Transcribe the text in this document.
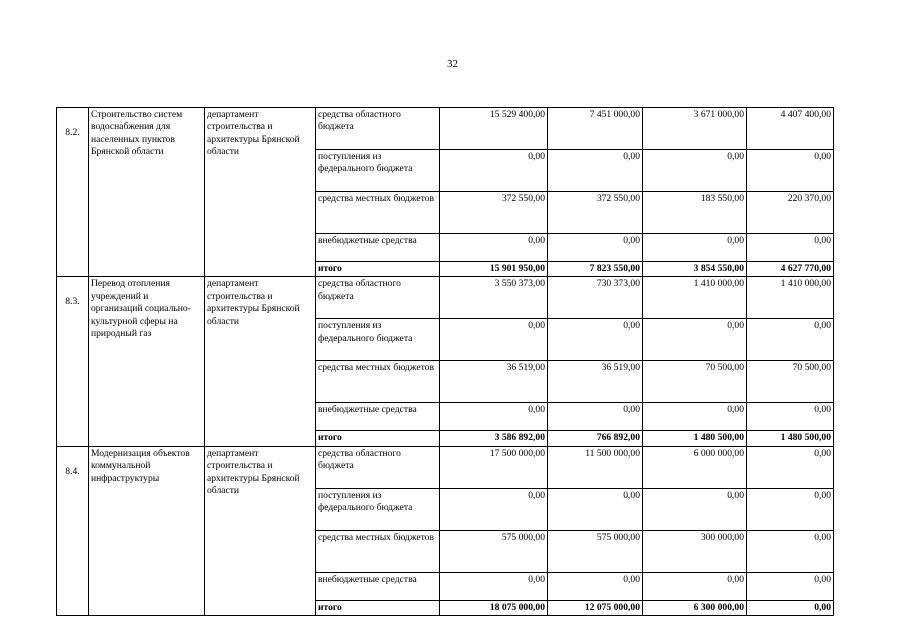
32
8.2.	Строительство систем водоснабжения для населенных пунктов Брянской области	департамент строительства и архитектуры Брянской области	средства областного бюджета	15 529 400,00	7 451 000,00	3 671 000,00	4 407 400,00
			поступления из федерального бюджета	0,00	0,00	0,00	0,00
			средства местных бюджетов	372 550,00	372 550,00	183 550,00	220 370,00
			внебюджетные средства	0,00	0,00	0,00	0,00
			итого	15 901 950,00	7 823 550,00	3 854 550,00	4 627 770,00

8.3.	Перевод отопления учреждений и организаций социально-культурной сферы на природный газ	департамент строительства и архитектуры Брянской области	средства областного бюджета	3 550 373,00	730 373,00	1 410 000,00	1 410 000,00
			поступления из федерального бюджета	0,00	0,00	0,00	0,00
			средства местных бюджетов	36 519,00	36 519,00	70 500,00	70 500,00
			внебюджетные средства	0,00	0,00	0,00	0,00
			итого	3 586 892,00	766 892,00	1 480 500,00	1 480 500,00

8.4.	Модернизация объектов коммунальной инфраструктуры	департамент строительства и архитектуры Брянской области	средства областного бюджета	17 500 000,00	11 500 000,00	6 000 000,00	0,00
			поступления из федерального бюджета	0,00	0,00	0,00	0,00
			средства местных бюджетов	575 000,00	575 000,00	300 000,00	0,00
			внебюджетные средства	0,00	0,00	0,00	0,00
			итого	18 075 000,00	12 075 000,00	6 300 000,00	0,00
